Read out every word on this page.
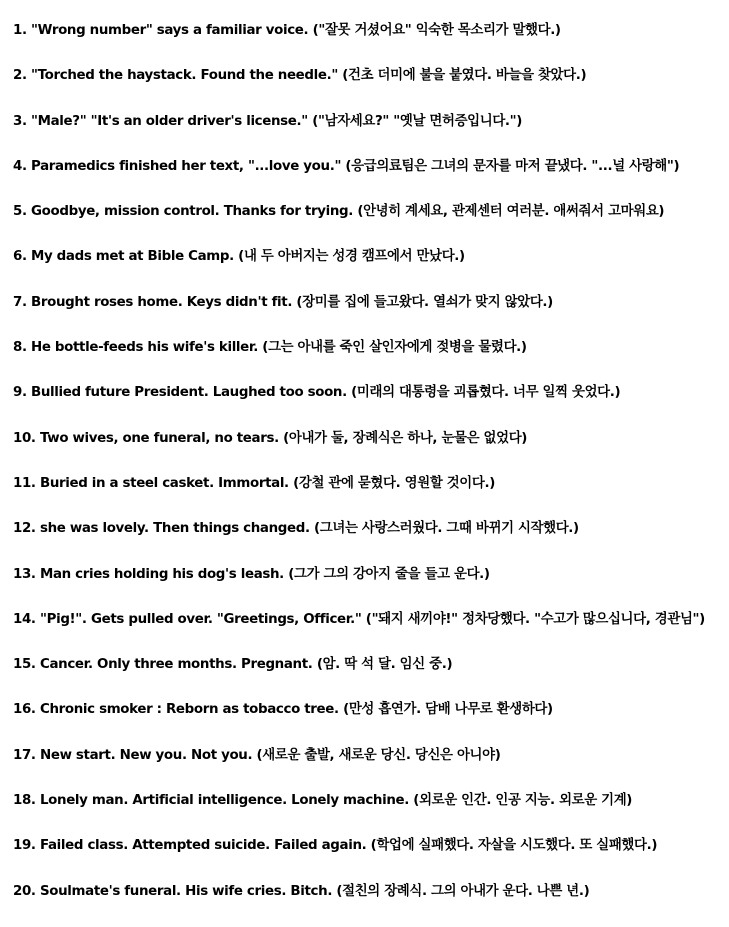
1. "Wrong number" says a familiar voice. ("잘못 거셨어요" 익숙한 목소리가 말했다.)
2. "Torched the haystack. Found the needle." (건초 더미에 불을 붙였다. 바늘을 찾았다.)
3. "Male?" "It's an older driver's license." ("남자세요?" "옛날 면허증입니다.")
4. Paramedics finished her text, "...love you." (응급의료팀은 그녀의 문자를 마저 끝냈다. "...널 사랑해")
5. Goodbye, mission control. Thanks for trying. (안녕히 계세요, 관제센터 여러분. 애써줘서 고마워요)
6. My dads met at Bible Camp. (내 두 아버지는 성경 캠프에서 만났다.)
7. Brought roses home. Keys didn't fit. (장미를 집에 들고왔다. 열쇠가 맞지 않았다.)
8. He bottle-feeds his wife's killer. (그는 아내를 죽인 살인자에게 젖병을 물렸다.)
9. Bullied future President. Laughed too soon. (미래의 대통령을 괴롭혔다. 너무 일찍 웃었다.)
10. Two wives, one funeral, no tears. (아내가 둘, 장례식은 하나, 눈물은 없었다)
11. Buried in a steel casket. Immortal. (강철 관에 묻혔다. 영원할 것이다.)
12. she was lovely. Then things changed. (그녀는 사랑스러웠다. 그때 바뀌기 시작했다.)
13. Man cries holding his dog's leash. (그가 그의 강아지 줄을 들고 운다.)
14. "Pig!". Gets pulled over. "Greetings, Officer." ("돼지 새끼야!" 정차당했다. "수고가 많으십니다, 경관님")
15. Cancer. Only three months. Pregnant. (암. 딱 석 달. 임신 중.)
16. Chronic smoker : Reborn as tobacco tree. (만성 흡연가. 담배 나무로 환생하다)
17. New start. New you. Not you. (새로운 출발, 새로운 당신. 당신은 아니야)
18. Lonely man. Artificial intelligence. Lonely machine. (외로운 인간. 인공 지능. 외로운 기계)
19. Failed class. Attempted suicide. Failed again. (학업에 실패했다. 자살을 시도했다. 또 실패했다.)
20. Soulmate's funeral. His wife cries. Bitch. (절친의 장례식. 그의 아내가 운다. 나쁜 년.)
